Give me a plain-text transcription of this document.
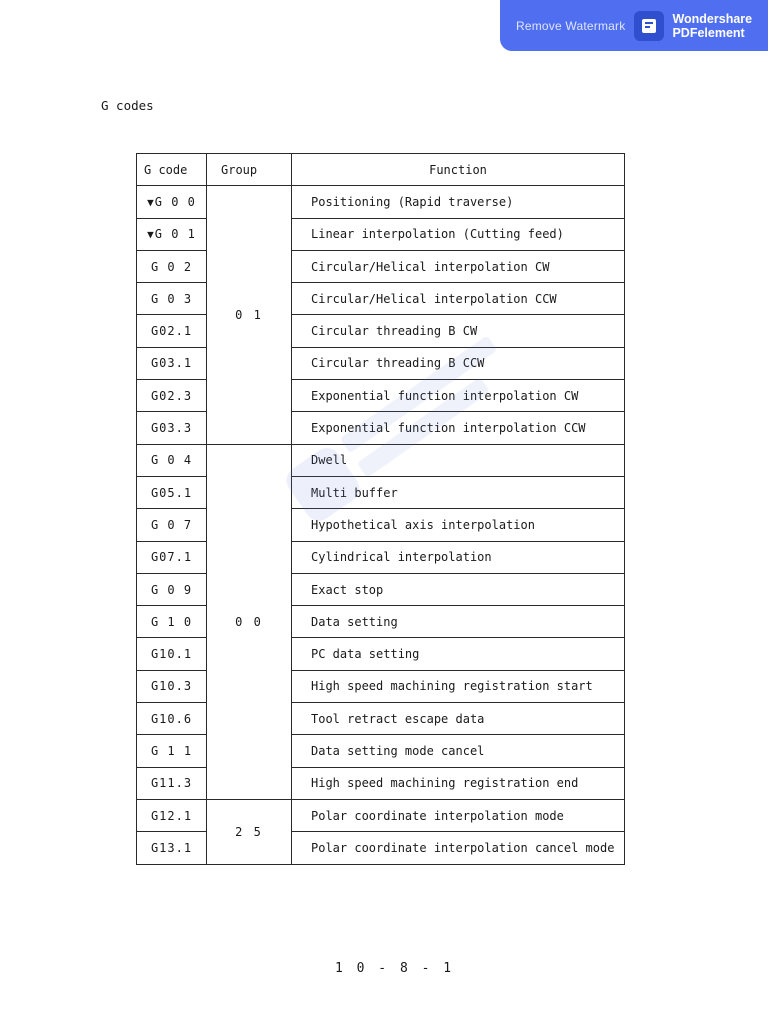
Remove Watermark	Wondershare
PDFelement
G codes
G code	Group	Function
▼G 0 0	0 1	Positioning (Rapid traverse)
▼G 0 1		Linear interpolation (Cutting feed)
G 0 2		Circular/Helical interpolation CW
G 0 3		Circular/Helical interpolation CCW
G02.1		Circular threading B CW
G03.1		Circular threading B CCW
G02.3		Exponential function interpolation CW
G03.3		Exponential function interpolation CCW
G 0 4	0 0	Dwell
G05.1		Multi buffer
G 0 7		Hypothetical axis interpolation
G07.1		Cylindrical interpolation
G 0 9		Exact stop
G 1 0		Data setting
G10.1		PC data setting
G10.3		High speed machining registration start
G10.6		Tool retract escape data
G 1 1		Data setting mode cancel
G11.3		High speed machining registration end
G12.1	2 5	Polar coordinate interpolation mode
G13.1		Polar coordinate interpolation cancel mode
1 0 - 8 - 1
